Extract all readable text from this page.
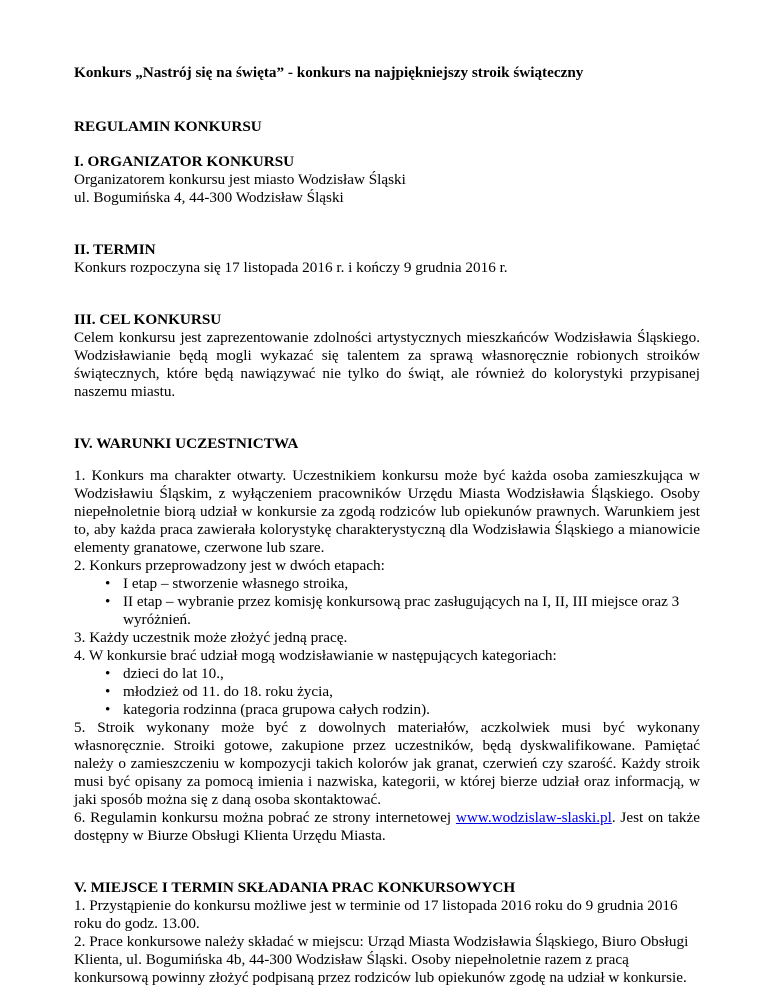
Konkurs „Nastrój się na święta” - konkurs na najpiękniejszy stroik świąteczny

REGULAMIN KONKURSU

I. ORGANIZATOR KONKURSU

Organizatorem konkursu jest miasto Wodzisław Śląski

ul. Bogumińska 4, 44-300 Wodzisław Śląski

II. TERMIN

Konkurs rozpoczyna się 17 listopada 2016 r. i kończy 9 grudnia 2016 r.

III. CEL KONKURSU

Celem konkursu jest zaprezentowanie zdolności artystycznych mieszkańców Wodzisławia Śląskiego. Wodzisławianie będą mogli wykazać się talentem za sprawą własnoręcznie robionych stroików świątecznych, które będą nawiązywać nie tylko do świąt, ale również do kolorystyki przypisanej naszemu miastu.

IV. WARUNKI UCZESTNICTWA

1. Konkurs ma charakter otwarty. Uczestnikiem konkursu może być każda osoba zamieszkująca w Wodzisławiu Śląskim, z wyłączeniem pracowników Urzędu Miasta Wodzisławia Śląskiego. Osoby niepełnoletnie biorą udział w konkursie za zgodą rodziców lub opiekunów prawnych. Warunkiem jest to, aby każda praca zawierała kolorystykę charakterystyczną dla Wodzisławia Śląskiego a mianowicie elementy granatowe, czerwone lub szare.

2. Konkurs przeprowadzony jest w dwóch etapach:

• I etap – stworzenie własnego stroika,
• II etap – wybranie przez komisję konkursową prac zasługujących na I, II, III miejsce oraz 3 wyróżnień.

3. Każdy uczestnik może złożyć jedną pracę.

4. W konkursie brać udział mogą wodzisławianie w następujących kategoriach:

• dzieci do lat 10.,
• młodzież od 11. do 18. roku życia,
• kategoria rodzinna (praca grupowa całych rodzin).

5. Stroik wykonany może być z dowolnych materiałów, aczkolwiek musi być wykonany własnoręcznie. Stroiki gotowe, zakupione przez uczestników, będą dyskwalifikowane. Pamiętać należy o zamieszczeniu w kompozycji takich kolorów jak granat, czerwień czy szarość. Każdy stroik musi być opisany za pomocą imienia i nazwiska, kategorii, w której bierze udział oraz informacją, w jaki sposób można się z daną osoba skontaktować.

6. Regulamin konkursu można pobrać ze strony internetowej www.wodzislaw-slaski.pl. Jest on także dostępny w Biurze Obsługi Klienta Urzędu Miasta.

V. MIEJSCE I TERMIN SKŁADANIA PRAC KONKURSOWYCH

1. Przystąpienie do konkursu możliwe jest w terminie od 17 listopada 2016 roku do 9 grudnia 2016 roku do godz. 13.00.

2. Prace konkursowe należy składać w miejscu: Urząd Miasta Wodzisławia Śląskiego, Biuro Obsługi Klienta, ul. Bogumińska 4b, 44-300 Wodzisław Śląski. Osoby niepełnoletnie razem z pracą konkursową powinny złożyć podpisaną przez rodziców lub opiekunów zgodę na udział w konkursie.
